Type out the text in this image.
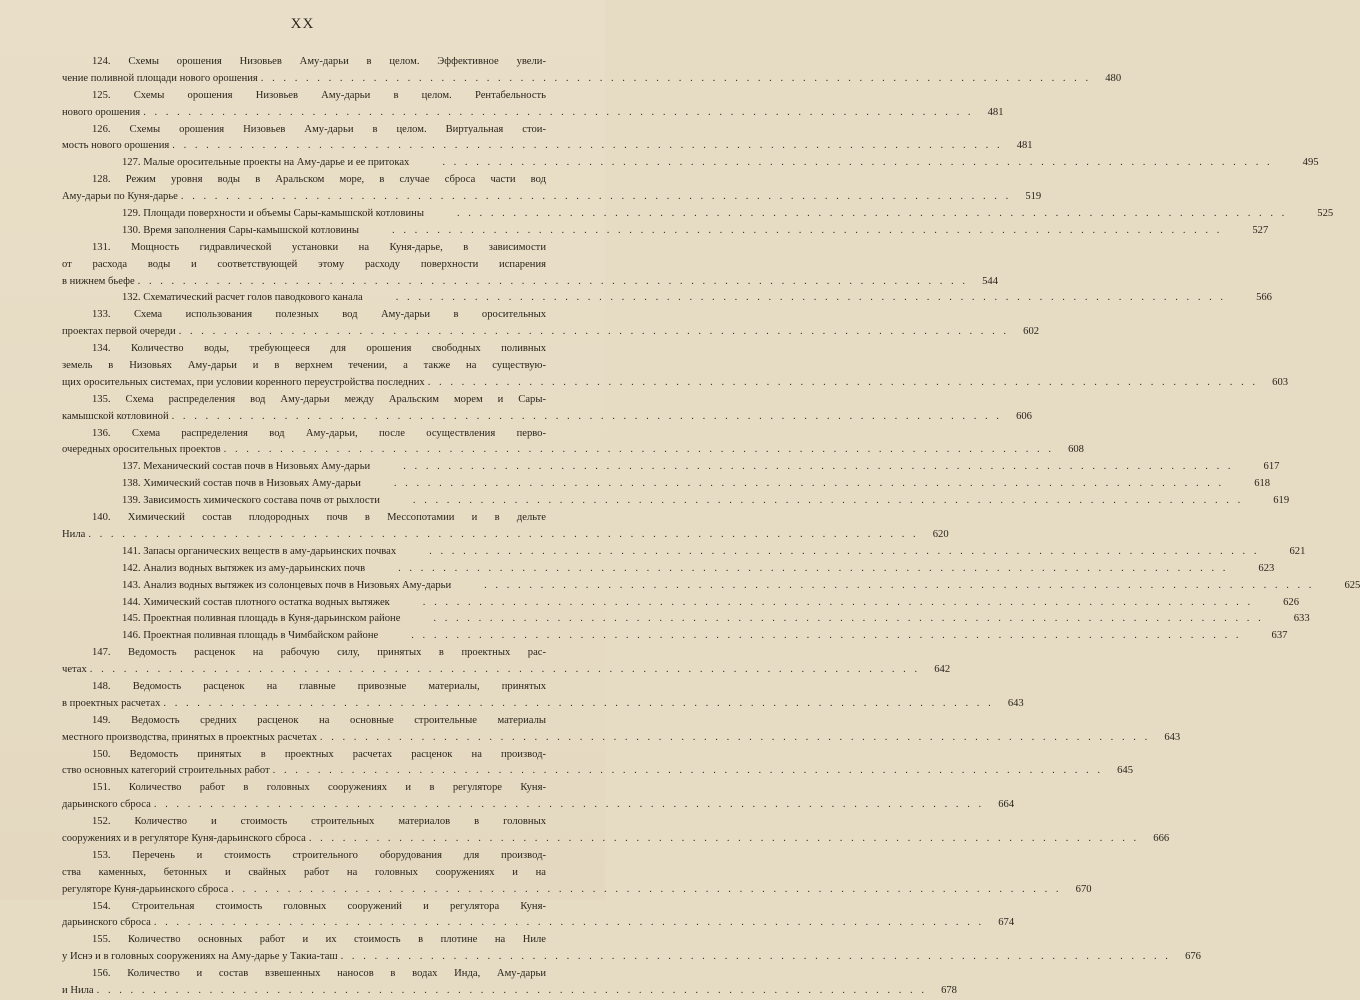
XX
124. Схемы орошения Низовьев Аму-дарьи в целом. Эффективное увели-
чение поливной площади нового орошения . . .	480
125. Схемы орошения Низовьев Аму-дарьи в целом. Рентабельность
нового орошения . . .	481
126. Схемы орошения Низовьев Аму-дарьи в целом. Виртуальная стои-
мость нового орошения . . .	481
127. Малые оросительные проекты на Аму-дарье и ее притоках . . .	495
128. Режим уровня воды в Аральском море, в случае сброса части вод
Аму-дарьи по Куня-дарье . . .	519
129. Площади поверхности и объемы Сары-камышской котловины . . .	525
130. Время заполнения Сары-камышской котловины . . .	527
131. Мощность гидравлической установки на Куня-дарье, в зависимости
от расхода воды и соответствующей этому расходу поверхности испарения
в нижнем бьефе . . .	544
132. Схематический расчет голов паводкового канала . . .	566
133. Схема использования полезных вод Аму-дарьи в оросительных
проектах первой очереди . . .	602
134. Количество воды, требующееся для орошения свободных поливных
земель в Низовьях Аму-дарьи и в верхнем течении, а также на существую-
щих оросительных системах, при условии коренного переустройства последних . . .	603
135. Схема распределения вод Аму-дарьи между Аральским морем и Сары-
камышской котловиной . . .	606
136. Схема распределения вод Аму-дарьи, после осуществления перво-
очередных оросительных проектов . . .	608
137. Механический состав почв в Низовьях Аму-дарьи . . .	617
138. Химический состав почв в Низовьях Аму-дарьи . . .	618
139. Зависимость химического состава почв от рыхлости . . .	619
140. Химический состав плодородных почв в Мессопотамии и в дельте
Нила . . .	620
141. Запасы органических веществ в аму-дарьинских почвах . . .	621
142. Анализ водных вытяжек из аму-дарьинских почв . . .	623
143. Анализ водных вытяжек из солонцевых почв в Низовьях Аму-дарьи . . .	625
144. Химический состав плотного остатка водных вытяжек . . .	626
145. Проектная поливная площадь в Куня-дарьинском районе . . .	633
146. Проектная поливная площадь в Чимбайском районе . . .	637
147. Ведомость расценок на рабочую силу, принятых в проектных рас-
четах . . .	642
148. Ведомость расценок на главные привозные материалы, принятых
в проектных расчетах . . .	643
149. Ведомость средних расценок на основные строительные материалы
местного производства, принятых в проектных расчетах . . .	643
150. Ведомость принятых в проектных расчетах расценок на производ-
ство основных категорий строительных работ . . .	645
151. Количество работ в головных сооружениях и в регуляторе Куня-
дарьинского сброса . . .	664
152. Количество и стоимость строительных материалов в головных
сооружениях и в регуляторе Куня-дарьинского сброса . . .	666
153. Перечень и стоимость строительного оборудования для производ-
ства каменных, бетонных и свайных работ на головных сооружениях и на
регуляторе Куня-дарьинского сброса . . .	670
154. Строительная стоимость головных сооружений и регулятора Куня-
дарьинского сброса . . .	674
155. Количество основных работ и их стоимость в плотине на Ниле
у Иснэ и в головных сооружениях на Аму-дарье у Такиа-таш . . .	676
156. Количество и состав взвешенных наносов в водах Инда, Аму-дарьи
и Нила . . .	678
